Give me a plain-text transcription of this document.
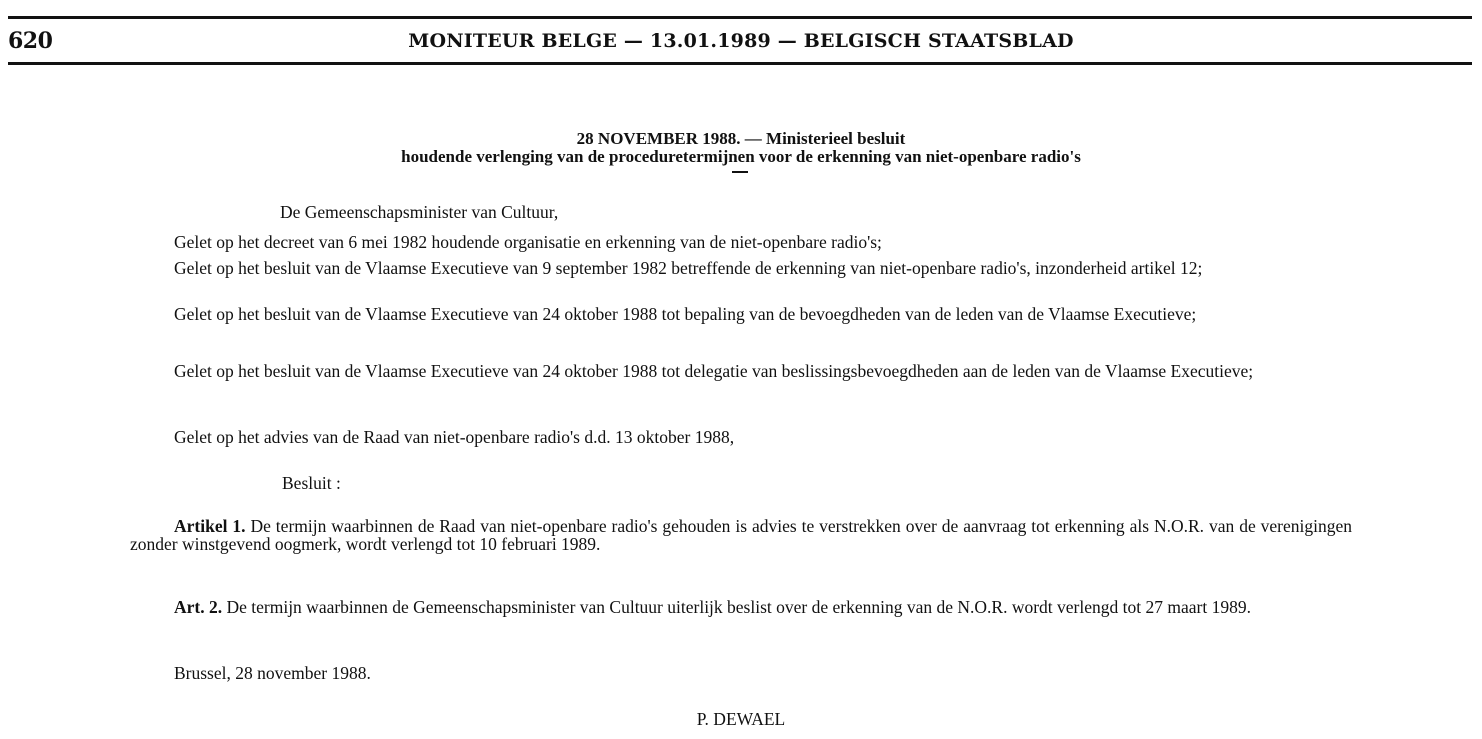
620	MONITEUR BELGE — 13.01.1989 — BELGISCH STAATSBLAD
28 NOVEMBER 1988. — Ministerieel besluit
houdende verlenging van de proceduretermijnen voor de erkenning van niet-openbare radio's
De Gemeenschapsminister van Cultuur,
Gelet op het decreet van 6 mei 1982 houdende organisatie en erkenning van de niet-openbare radio's;
Gelet op het besluit van de Vlaamse Executieve van 9 september 1982 betreffende de erkenning van niet-openbare radio's, inzonderheid artikel 12;
Gelet op het besluit van de Vlaamse Executieve van 24 oktober 1988 tot bepaling van de bevoegdheden van de leden van de Vlaamse Executieve;
Gelet op het besluit van de Vlaamse Executieve van 24 oktober 1988 tot delegatie van beslissingsbevoegdheden aan de leden van de Vlaamse Executieve;
Gelet op het advies van de Raad van niet-openbare radio's d.d. 13 oktober 1988,
Besluit :
Artikel 1. De termijn waarbinnen de Raad van niet-openbare radio's gehouden is advies te verstrekken over de aanvraag tot erkenning als N.O.R. van de verenigingen zonder winstgevend oogmerk, wordt verlengd tot 10 februari 1989.
Art. 2. De termijn waarbinnen de Gemeenschapsminister van Cultuur uiterlijk beslist over de erkenning van de N.O.R. wordt verlengd tot 27 maart 1989.
Brussel, 28 november 1988.
P. DEWAEL
